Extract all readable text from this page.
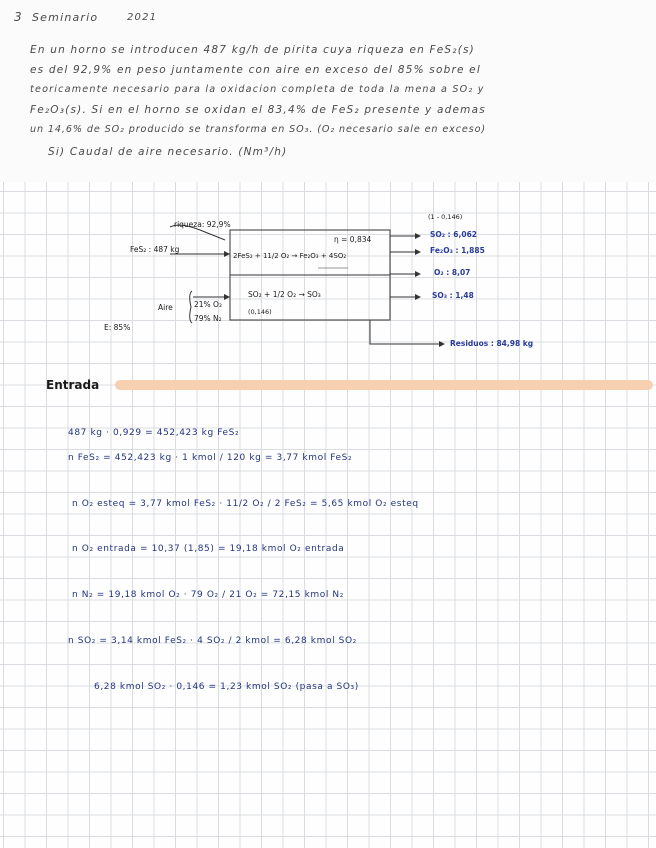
3 Seminario	2021
En un horno se introducen 487 kg/h de pirita cuya riqueza en FeS₂(s)
es del 92,9% en peso juntamente con aire en exceso del 85% sobre el
teoricamente necesario para la oxidacion completa de toda la mena a SO₂ y
Fe₂O₃(s). Si en el horno se oxidan el 83,4% de FeS₂ presente y ademas
un 14,6% de SO₂ producido se transforma en SO₃. (O₂ necesario sale en exceso)
Si) Caudal de aire necesario. (Nm³/h)
riqueza: 92,9%
FeS₂ : 487 kg
Aire	21% O₂
79% N₂
E: 85%
η = 0,834
2FeS₂ + 11/2 O₂ → Fe₂O₃ + 4SO₂
SO₂ + 1/2 O₂ → SO₃
(0,146)
(1 - 0,146)
SO₂ : 6,062
Fe₂O₃ : 1,885
O₂ : 8,07
SO₃ : 1,48
Residuos : 84,98 kg
Entrada
487 kg · 0,929 = 452,423 kg FeS₂
n FeS₂ = 452,423 kg · 1 kmol / 120 kg = 3,77 kmol FeS₂
n O₂ esteq = 3,77 kmol FeS₂ · 11/2 O₂ / 2 FeS₂ = 5,65 kmol O₂ esteq
n O₂ entrada = 10,37 (1,85) = 19,18 kmol O₂ entrada
n N₂ = 19,18 kmol O₂ · 79 O₂ / 21 O₂ = 72,15 kmol N₂
n SO₂ = 3,14 kmol FeS₂ · 4 SO₂ / 2 kmol = 6,28 kmol SO₂
6,28 kmol SO₂ · 0,146 = 1,23 kmol SO₂ (pasa a SO₃)
